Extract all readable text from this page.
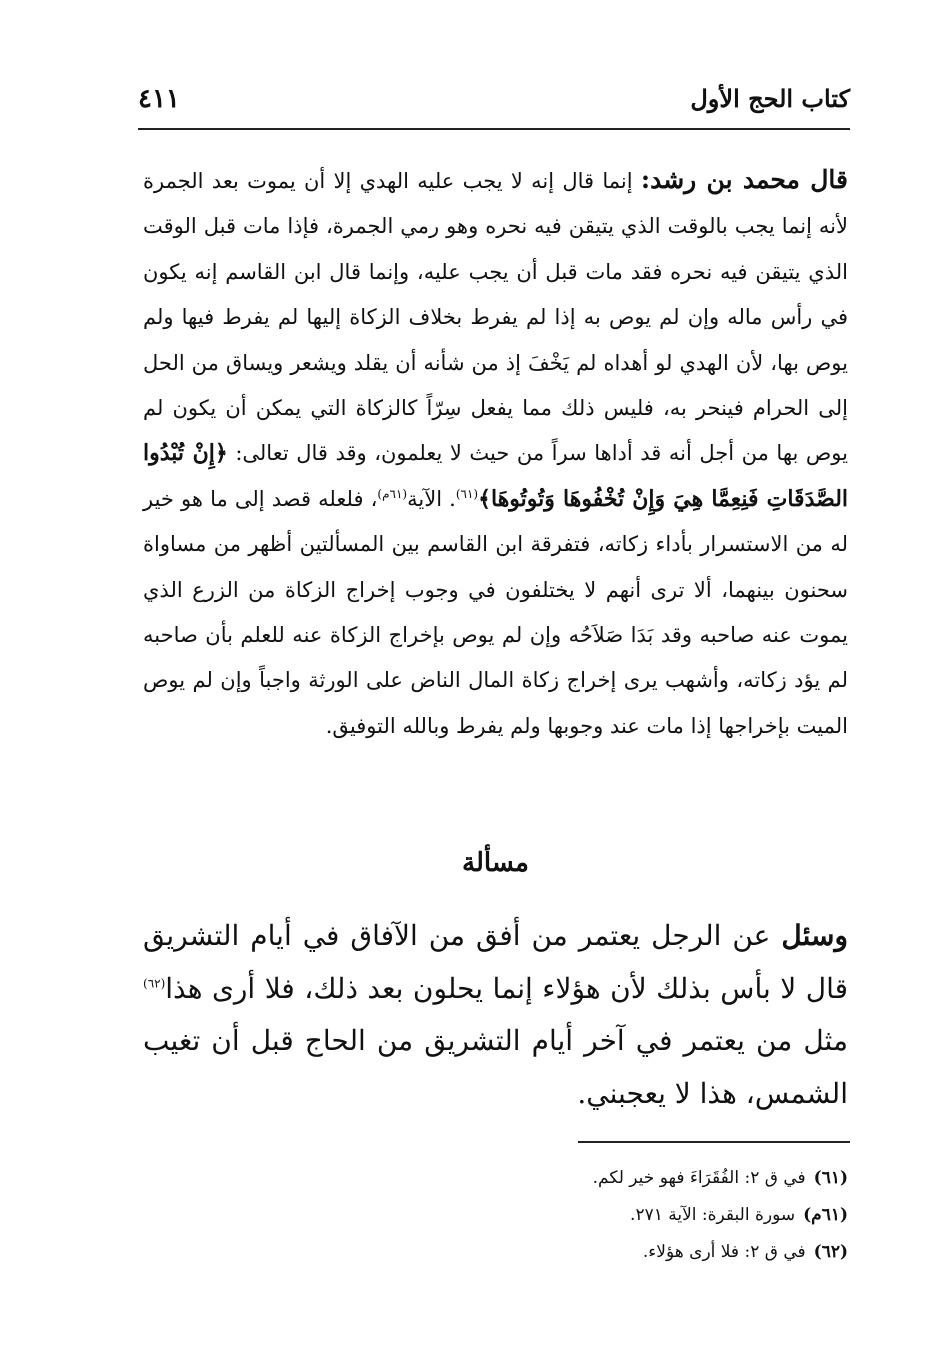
كتاب الحج الأول
٤١١

قال محمد بن رشد: إنما قال إنه لا يجب عليه الهدي إلا أن يموت بعد الجمرة لأنه إنما يجب بالوقت الذي يتيقن فيه نحره وهو رمي الجمرة، فإذا مات قبل الوقت الذي يتيقن فيه نحره فقد مات قبل أن يجب عليه، وإنما قال ابن القاسم إنه يكون في رأس ماله وإن لم يوص به إذا لم يفرط بخلاف الزكاة إليها لم يفرط فيها ولم يوص بها، لأن الهدي لو أهداه لم يَخْفَ إذ من شأنه أن يقلد ويشعر ويساق من الحل إلى الحرام فينحر به، فليس ذلك مما يفعل سِرّاً كالزكاة التي يمكن أن يكون لم يوص بها من أجل أنه قد أداها سراً من حيث لا يعلمون، وقد قال تعالى: ﴿إِنْ تُبْدُوا الصَّدَقَاتِ فَنِعِمَّا هِيَ وَإِنْ تُخْفُوهَا وَتُوتُوهَا﴾$^{(٦١)}$. الآية$^{(٦١م)}$، فلعله قصد إلى ما هو خير له من الاستسرار بأداء زكاته، فتفرقة ابن القاسم بين المسألتين أظهر من مساواة سحنون بينهما، ألا ترى أنهم لا يختلفون في وجوب إخراج الزكاة من الزرع الذي يموت عنه صاحبه وقد بَدَا صَلاَحُه وإن لم يوص بإخراج الزكاة عنه للعلم بأن صاحبه لم يؤد زكاته، وأشهب يرى إخراج زكاة المال الناض على الورثة واجباً وإن لم يوص الميت بإخراجها إذا مات عند وجوبها ولم يفرط وبالله التوفيق.

مسألة

وسئل عن الرجل يعتمر من أفق من الآفاق في أيام التشريق قال لا بأس بذلك لأن هؤلاء إنما يحلون بعد ذلك، فلا أرى هذا$^{(٦٢)}$ مثل من يعتمر في آخر أيام التشريق من الحاج قبل أن تغيب الشمس، هذا لا يعجبني.

(٦١)في ق ٢: الفُقَرَاءَ فهو خير لكم.
(٦١م)سورة البقرة: الآية ٢٧١.
(٦٢)في ق ٢: فلا أرى هؤلاء.
